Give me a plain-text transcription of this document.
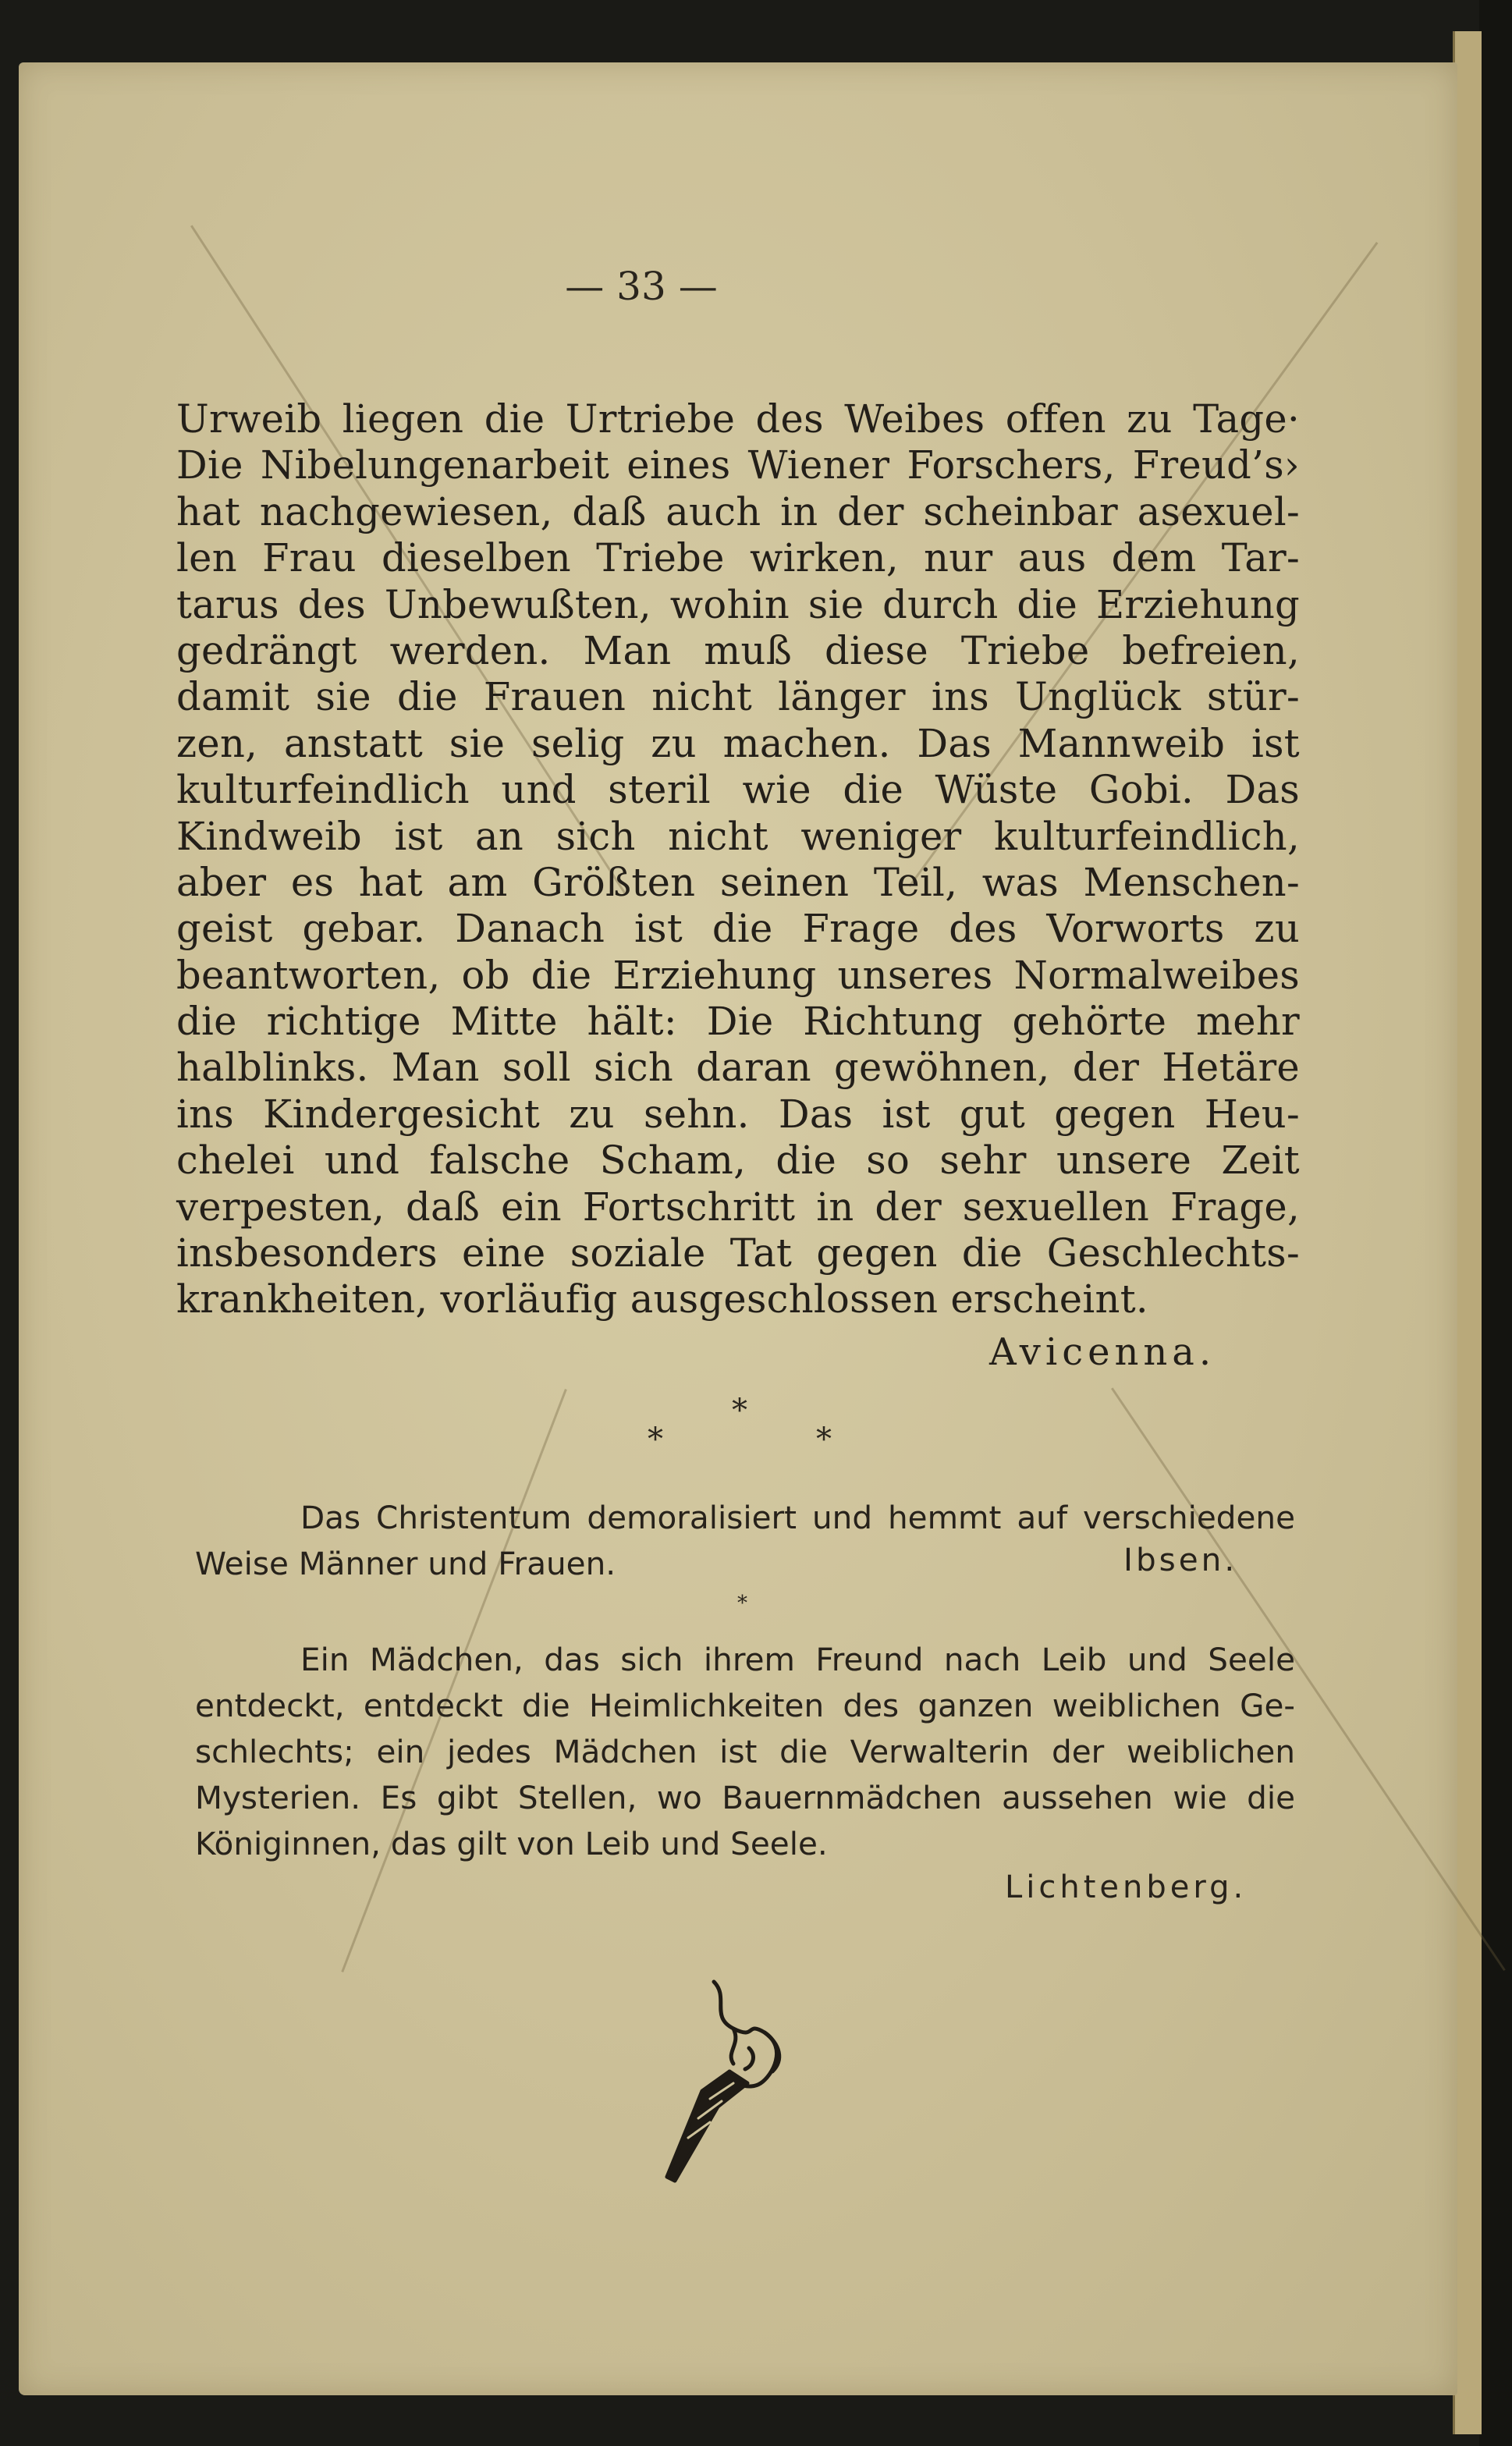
— 33 —
Urweib liegen die Urtriebe des Weibes offen zu Tage·
Die Nibelungenarbeit eines Wiener Forschers, Freud’s›
hat nachgewiesen, daß auch in der scheinbar asexuel-
len Frau dieselben Triebe wirken, nur aus dem Tar-
tarus des Unbewußten, wohin sie durch die Erziehung
gedrängt werden. Man muß diese Triebe befreien,
damit sie die Frauen nicht länger ins Unglück stür-
zen, anstatt sie selig zu machen. Das Mannweib ist
kulturfeindlich und steril wie die Wüste Gobi. Das
Kindweib ist an sich nicht weniger kulturfeindlich,
aber es hat am Größten seinen Teil, was Menschen-
geist gebar. Danach ist die Frage des Vorworts zu
beantworten, ob die Erziehung unseres Normalweibes
die richtige Mitte hält: Die Richtung gehörte mehr
halblinks. Man soll sich daran gewöhnen, der Hetäre
ins Kindergesicht zu sehn. Das ist gut gegen Heu-
chelei und falsche Scham, die so sehr unsere Zeit
verpesten, daß ein Fortschritt in der sexuellen Frage,
insbesonders eine soziale Tat gegen die Geschlechts-
krankheiten, vorläufig ausgeschlossen erscheint.
Avicenna.
*
*	*
Das Christentum demoralisiert und hemmt auf verschiedene
Weise Männer und Frauen.	Ibsen.
*
Ein Mädchen, das sich ihrem Freund nach Leib und Seele
entdeckt, entdeckt die Heimlichkeiten des ganzen weiblichen Ge-
schlechts; ein jedes Mädchen ist die Verwalterin der weiblichen
Mysterien. Es gibt Stellen, wo Bauernmädchen aussehen wie die
Königinnen, das gilt von Leib und Seele.
Lichtenberg.
